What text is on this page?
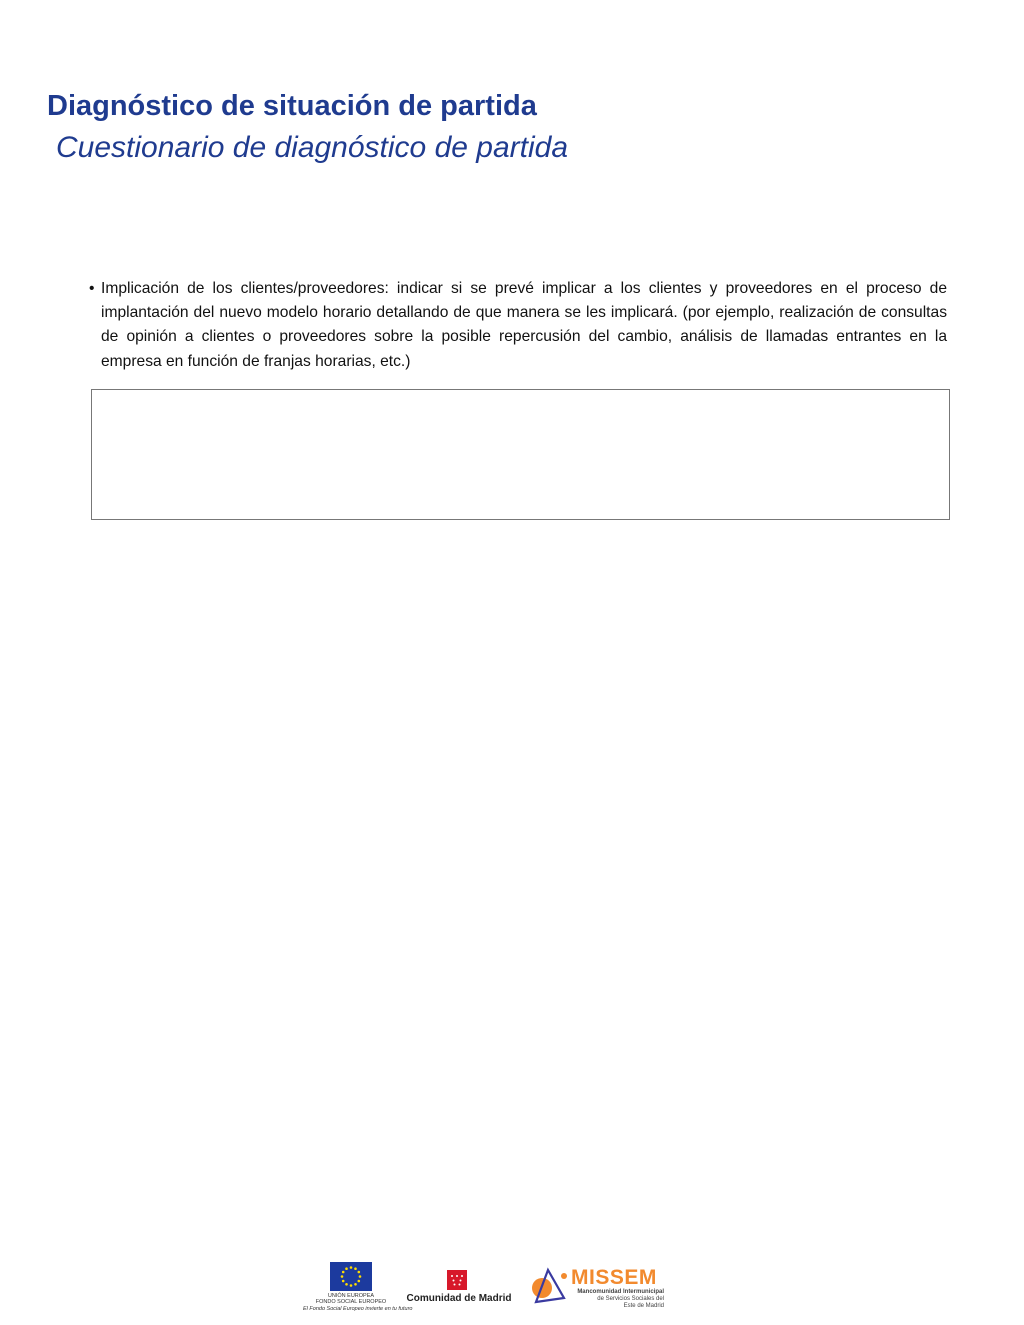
Diagnóstico de situación de partida
Cuestionario de diagnóstico de partida
• Implicación de los clientes/proveedores: indicar si se prevé implicar a los clientes y proveedores en el proceso de implantación del nuevo modelo horario detallando de que manera se les implicará. (por ejemplo, realización de consultas de opinión a clientes o proveedores sobre la posible repercusión del cambio, análisis de llamadas entrantes en la empresa en función de franjas horarias, etc.)
UNIÓN EUROPEA
FONDO SOCIAL EUROPEO
El Fondo Social Europeo invierte en tu futuro
Comunidad de Madrid
MISSEM
Mancomunidad Intermunicipal
de Servicios Sociales del
Este de Madrid
